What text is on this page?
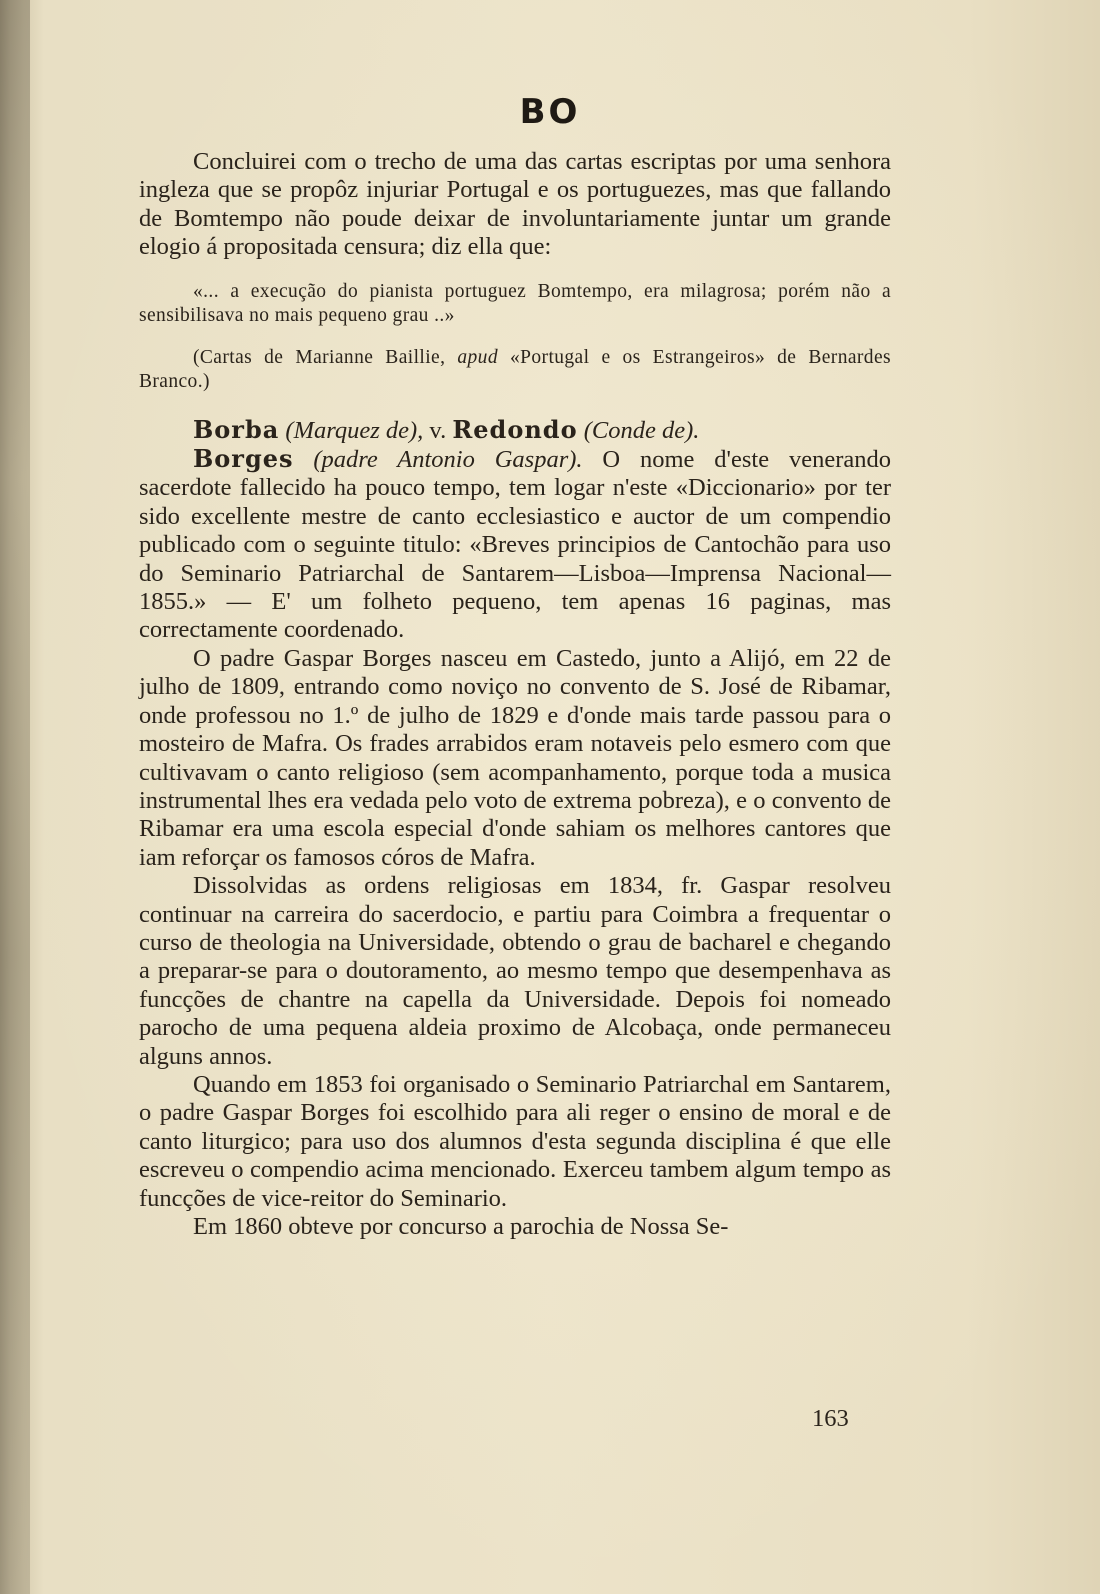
BO

Concluirei com o trecho de uma das cartas escriptas por uma senhora ingleza que se propôz injuriar Portugal e os portuguezes, mas que fallando de Bomtempo não poude deixar de involuntariamente juntar um grande elogio á propositada censura; diz ella que:

«... a execução do pianista portuguez Bomtempo, era milagrosa; porém não a sensibilisava no mais pequeno grau ..»

(Cartas de Marianne Baillie, apud «Portugal e os Estrangeiros» de Bernardes Branco.)

Borba (Marquez de), v. Redondo (Conde de).

Borges (padre Antonio Gaspar). O nome d'este venerando sacerdote fallecido ha pouco tempo, tem logar n'este «Diccionario» por ter sido excellente mestre de canto ecclesiastico e auctor de um compendio publicado com o seguinte titulo: «Breves principios de Cantochão para uso do Seminario Patriarchal de Santarem—Lisboa—Imprensa Nacional—1855.» — E' um folheto pequeno, tem apenas 16 paginas, mas correctamente coordenado.

O padre Gaspar Borges nasceu em Castedo, junto a Alijó, em 22 de julho de 1809, entrando como noviço no convento de S. José de Ribamar, onde professou no 1.º de julho de 1829 e d'onde mais tarde passou para o mosteiro de Mafra. Os frades arrabidos eram notaveis pelo esmero com que cultivavam o canto religioso (sem acompanhamento, porque toda a musica instrumental lhes era vedada pelo voto de extrema pobreza), e o convento de Ribamar era uma escola especial d'onde sahiam os melhores cantores que iam reforçar os famosos córos de Mafra.

Dissolvidas as ordens religiosas em 1834, fr. Gaspar resolveu continuar na carreira do sacerdocio, e partiu para Coimbra a frequentar o curso de theologia na Universidade, obtendo o grau de bacharel e chegando a preparar-se para o doutoramento, ao mesmo tempo que desempenhava as funcções de chantre na capella da Universidade. Depois foi nomeado parocho de uma pequena aldeia proximo de Alcobaça, onde permaneceu alguns annos.

Quando em 1853 foi organisado o Seminario Patriarchal em Santarem, o padre Gaspar Borges foi escolhido para ali reger o ensino de moral e de canto liturgico; para uso dos alumnos d'esta segunda disciplina é que elle escreveu o compendio acima mencionado. Exerceu tambem algum tempo as funcções de vice-reitor do Seminario.

Em 1860 obteve por concurso a parochia de Nossa Se-

163
